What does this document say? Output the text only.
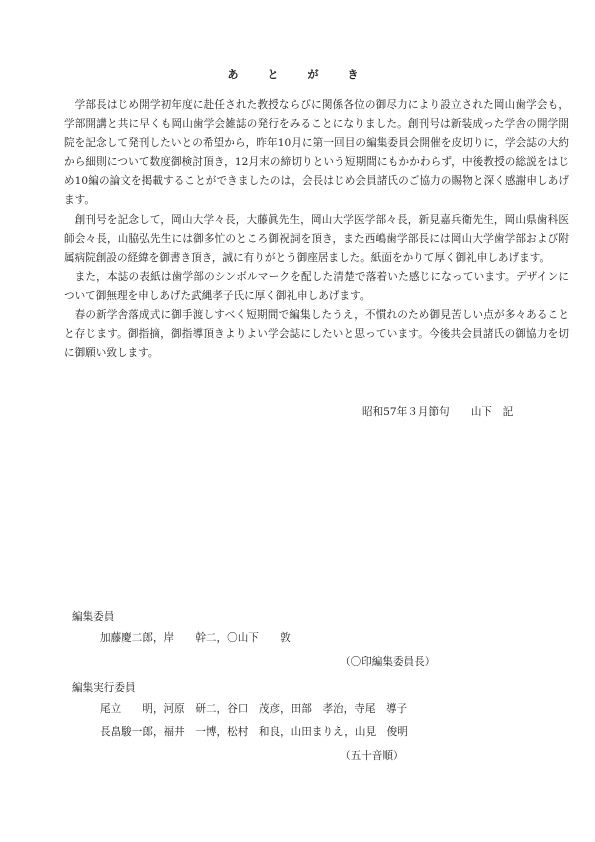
あ　と　が　き

学部長はじめ開学初年度に赴任された教授ならびに関係各位の御尽力により設立された岡山歯学会も，学部開講と共に早くも岡山歯学会雑誌の発行をみることになりました。創刊号は新装成った学舎の開学開院を記念して発刊したいとの希望から，昨年10月に第一回目の編集委員会開催を皮切りに，学会誌の大約から細則について数度御検討頂き，12月末の締切りという短期間にもかかわらず，中後教授の総説をはじめ10編の論文を掲載することができましたのは，会長はじめ会員諸氏のご協力の賜物と深く感謝申しあげます。

創刊号を記念して，岡山大学々長，大藤眞先生，岡山大学医学部々長，新見嘉兵衛先生，岡山県歯科医師会々長，山脇弘先生には御多忙のところ御祝詞を頂き，また西嶋歯学部長には岡山大学歯学部および附属病院創設の経緯を御書き頂き，誠に有りがとう御座居ました。紙面をかりて厚く御礼申しあげます。

また，本誌の表紙は歯学部のシンボルマークを配した清楚で落着いた感じになっています。デザインについて御無理を申しあげた武縄孝子氏に厚く御礼申しあげます。

春の新学舎落成式に御手渡しすべく短期間で編集したうえ，不慣れのため御見苦しい点が多々あることと存じます。御指摘，御指導頂きよりよい学会誌にしたいと思っています。今後共会員諸氏の御協力を切に御願い致します。

昭和57年３月節句　　山下　記
編集委員
加藤慶二郎，岸　　幹二，〇山下　　敦
（〇印編集委員長）
編集実行委員
尾立　　明，河原　研二，谷口　茂彦，田部　孝治，寺尾　導子
長畠駿一郎，福井　一博，松村　和良，山田まりえ，山見　俊明
（五十音順）
